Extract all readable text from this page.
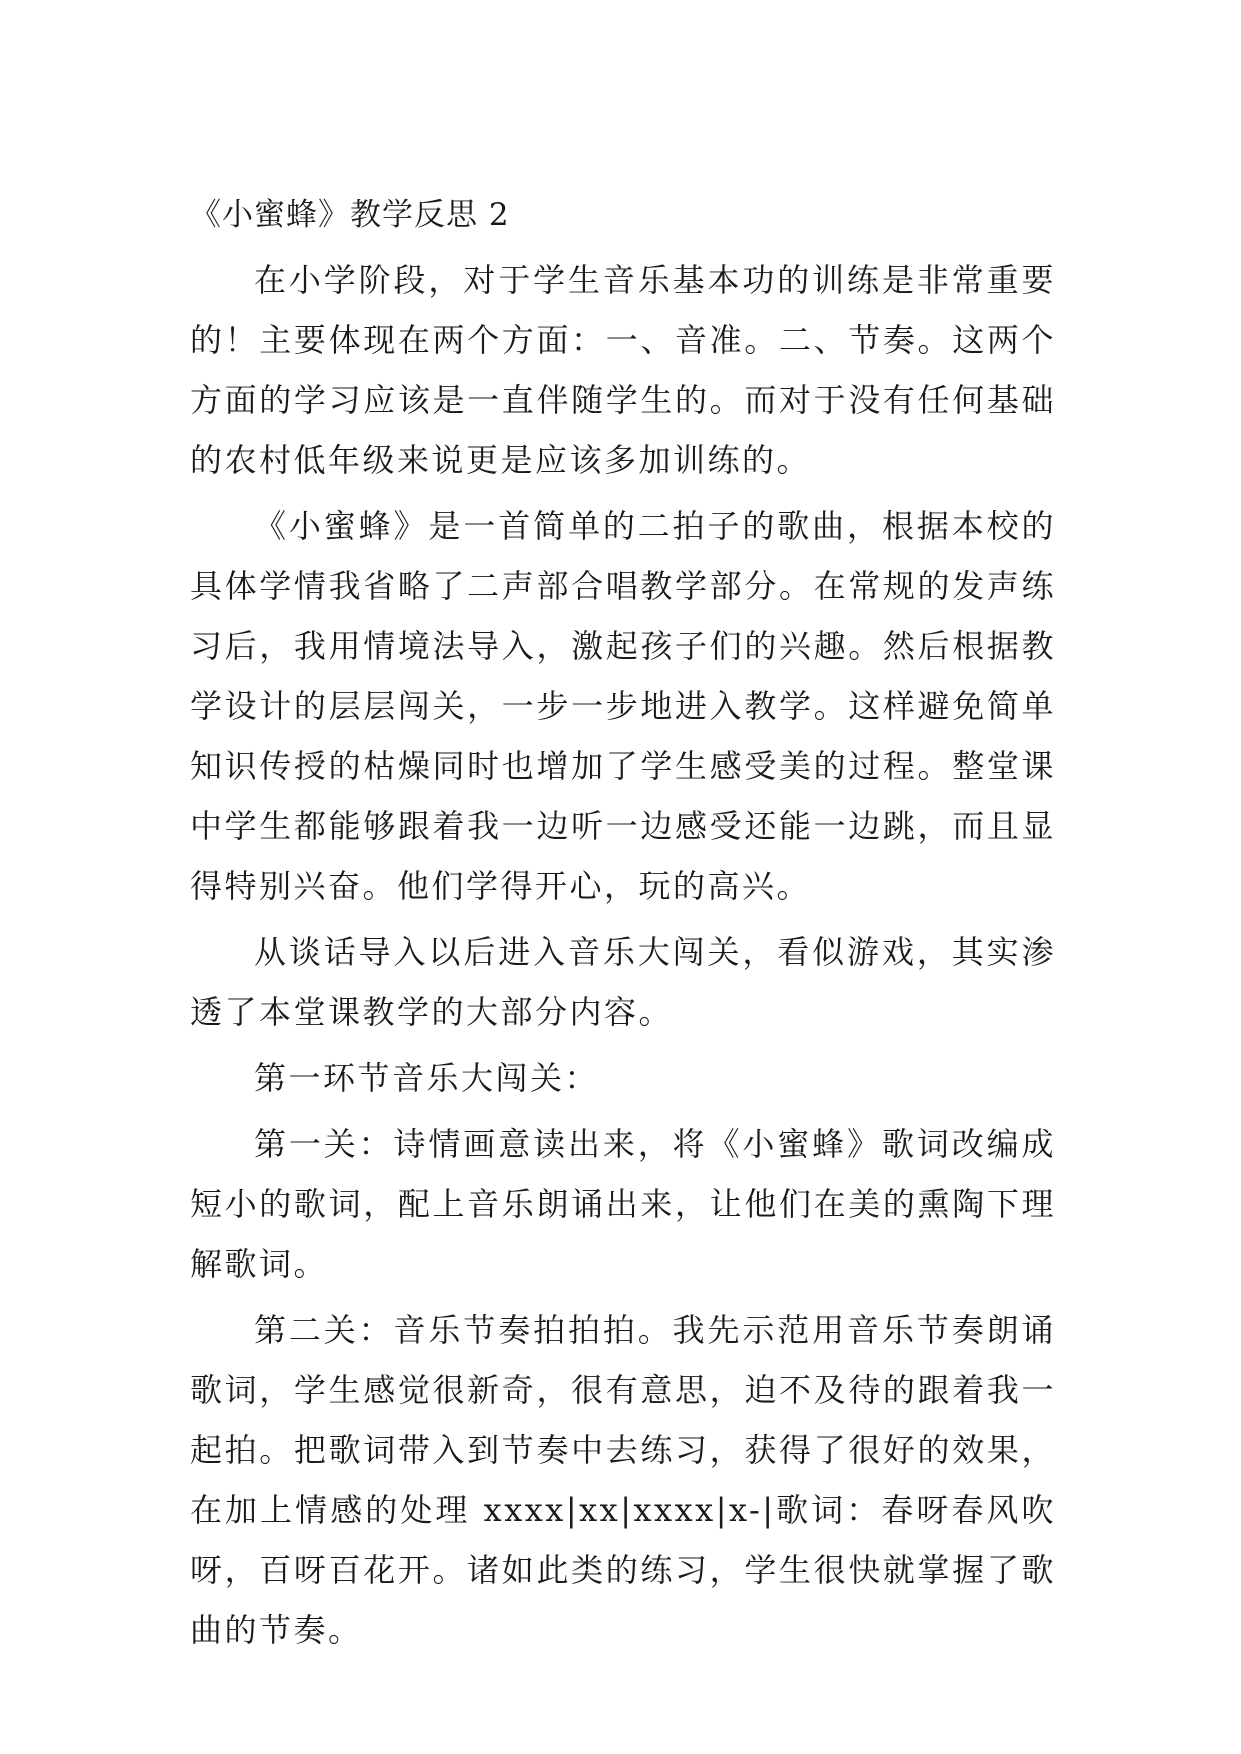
《小蜜蜂》教学反思 2

在小学阶段，对于学生音乐基本功的训练是非常重要的！主要体现在两个方面：一、音准。二、节奏。这两个方面的学习应该是一直伴随学生的。而对于没有任何基础的农村低年级来说更是应该多加训练的。

《小蜜蜂》是一首简单的二拍子的歌曲，根据本校的具体学情我省略了二声部合唱教学部分。在常规的发声练习后，我用情境法导入，激起孩子们的兴趣。然后根据教学设计的层层闯关，一步一步地进入教学。这样避免简单知识传授的枯燥同时也增加了学生感受美的过程。整堂课中学生都能够跟着我一边听一边感受还能一边跳，而且显得特别兴奋。他们学得开心，玩的高兴。

从谈话导入以后进入音乐大闯关，看似游戏，其实渗透了本堂课教学的大部分内容。

第一环节音乐大闯关：

第一关：诗情画意读出来，将《小蜜蜂》歌词改编成短小的歌词，配上音乐朗诵出来，让他们在美的熏陶下理解歌词。

第二关：音乐节奏拍拍拍。我先示范用音乐节奏朗诵歌词，学生感觉很新奇，很有意思，迫不及待的跟着我一起拍。把歌词带入到节奏中去练习，获得了很好的效果，在加上情感的处理 xxxx|xx|xxxx|x-|歌词：春呀春风吹呀，百呀百花开。诸如此类的练习，学生很快就掌握了歌曲的节奏。
